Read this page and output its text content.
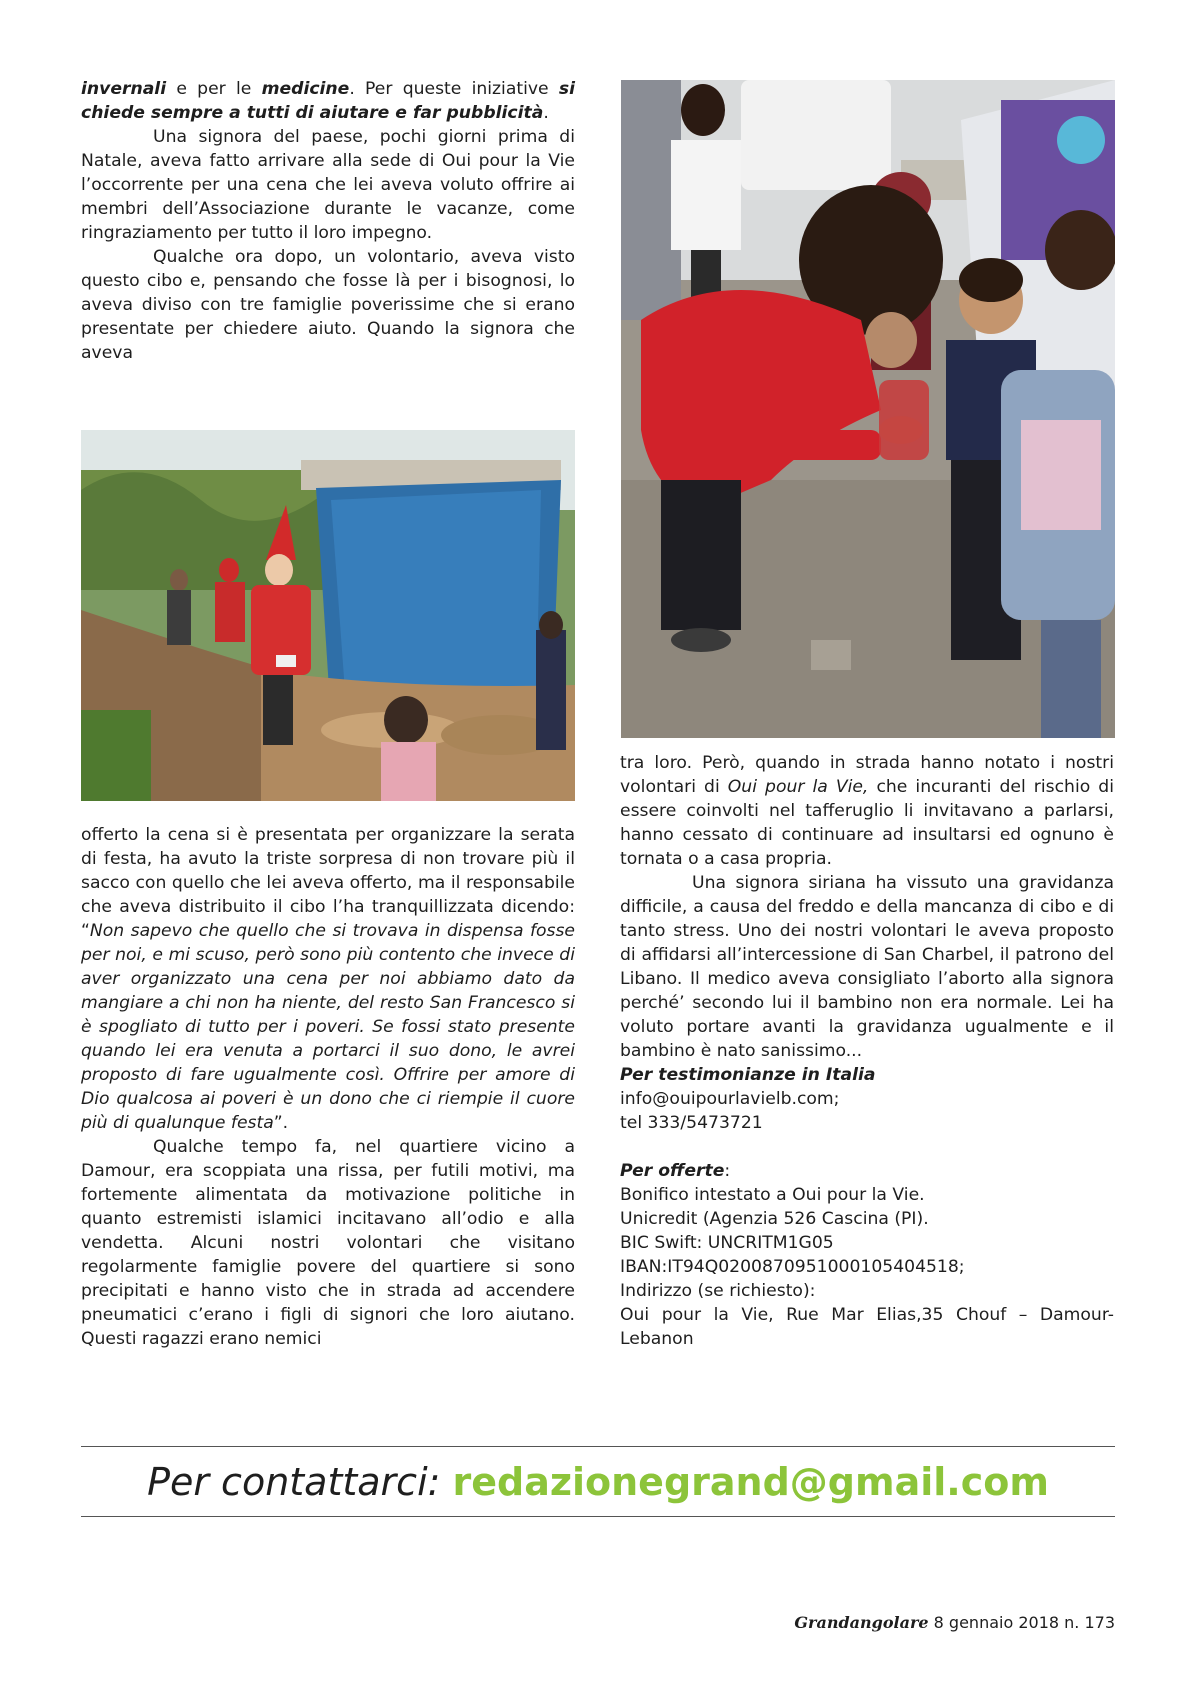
invernali e per le medicine. Per queste iniziative si chiede sempre a tutti di aiutare e far pubblicità.

Una signora del paese, pochi giorni prima di Natale, aveva fatto arrivare alla sede di Oui pour la Vie l’occorrente per una cena che lei aveva voluto offrire ai membri dell’Associazione durante le vacanze, come ringraziamento per tutto il loro impegno.

Qualche ora dopo, un volontario, aveva visto questo cibo e, pensando che fosse là per i bisognosi, lo aveva diviso con tre famiglie poverissime che si erano presentate per chiedere aiuto. Quando la signora che aveva

offerto la cena si è presentata per organizzare la serata di festa, ha avuto la triste sorpresa di non trovare più il sacco con quello che lei aveva offerto, ma il responsabile che aveva distribuito il cibo l’ha tranquillizzata dicendo: “Non sapevo che quello che si trovava in dispensa fosse per noi, e mi scuso, però sono più contento che invece di aver organizzato una cena per noi abbiamo dato da mangiare a chi non ha niente, del resto San Francesco si è spogliato di tutto per i poveri. Se fossi stato presente quando lei era venuta a portarci il suo dono, le avrei proposto di fare ugualmente così. Offrire per amore di Dio qualcosa ai poveri è un dono che ci riempie il cuore più di qualunque festa”.

Qualche tempo fa, nel quartiere vicino a Damour, era scoppiata una rissa, per futili motivi, ma fortemente alimentata da motivazione politiche in quanto estremisti islamici incitavano all’odio e alla vendetta. Alcuni nostri volontari che visitano regolarmente famiglie povere del quartiere si sono precipitati e hanno visto che in strada ad accendere pneumatici c’erano i figli di signori che loro aiutano. Questi ragazzi erano nemici

tra loro. Però, quando in strada hanno notato i nostri volontari di Oui pour la Vie, che incuranti del rischio di essere coinvolti nel tafferuglio li invitavano a parlarsi, hanno cessato di continuare ad insultarsi ed ognuno è tornata o a casa propria.

Una signora siriana ha vissuto una gravidanza difficile, a causa del freddo e della mancanza di cibo e di tanto stress. Uno dei nostri volontari le aveva proposto di affidarsi all’intercessione di San Charbel, il patrono del Libano. Il medico aveva consigliato l’aborto alla signora perché’ secondo lui il bambino non era normale. Lei ha voluto portare avanti la gravidanza ugualmente e il bambino è nato sanissimo...

Per testimonianze in Italia

info@ouipourlavielb.com;

tel 333/5473721

Per offerte:

Bonifico intestato a Oui pour la Vie.

Unicredit (Agenzia 526 Cascina (PI).

BIC Swift: UNCRITM1G05

IBAN:IT94Q0200870951000105404518;

Indirizzo (se richiesto):

Oui pour la Vie, Rue Mar Elias,35 Chouf – Damour- Lebanon

Per contattarci: redazionegrand@gmail.com
Grandangolare 8 gennaio 2018 n. 173
